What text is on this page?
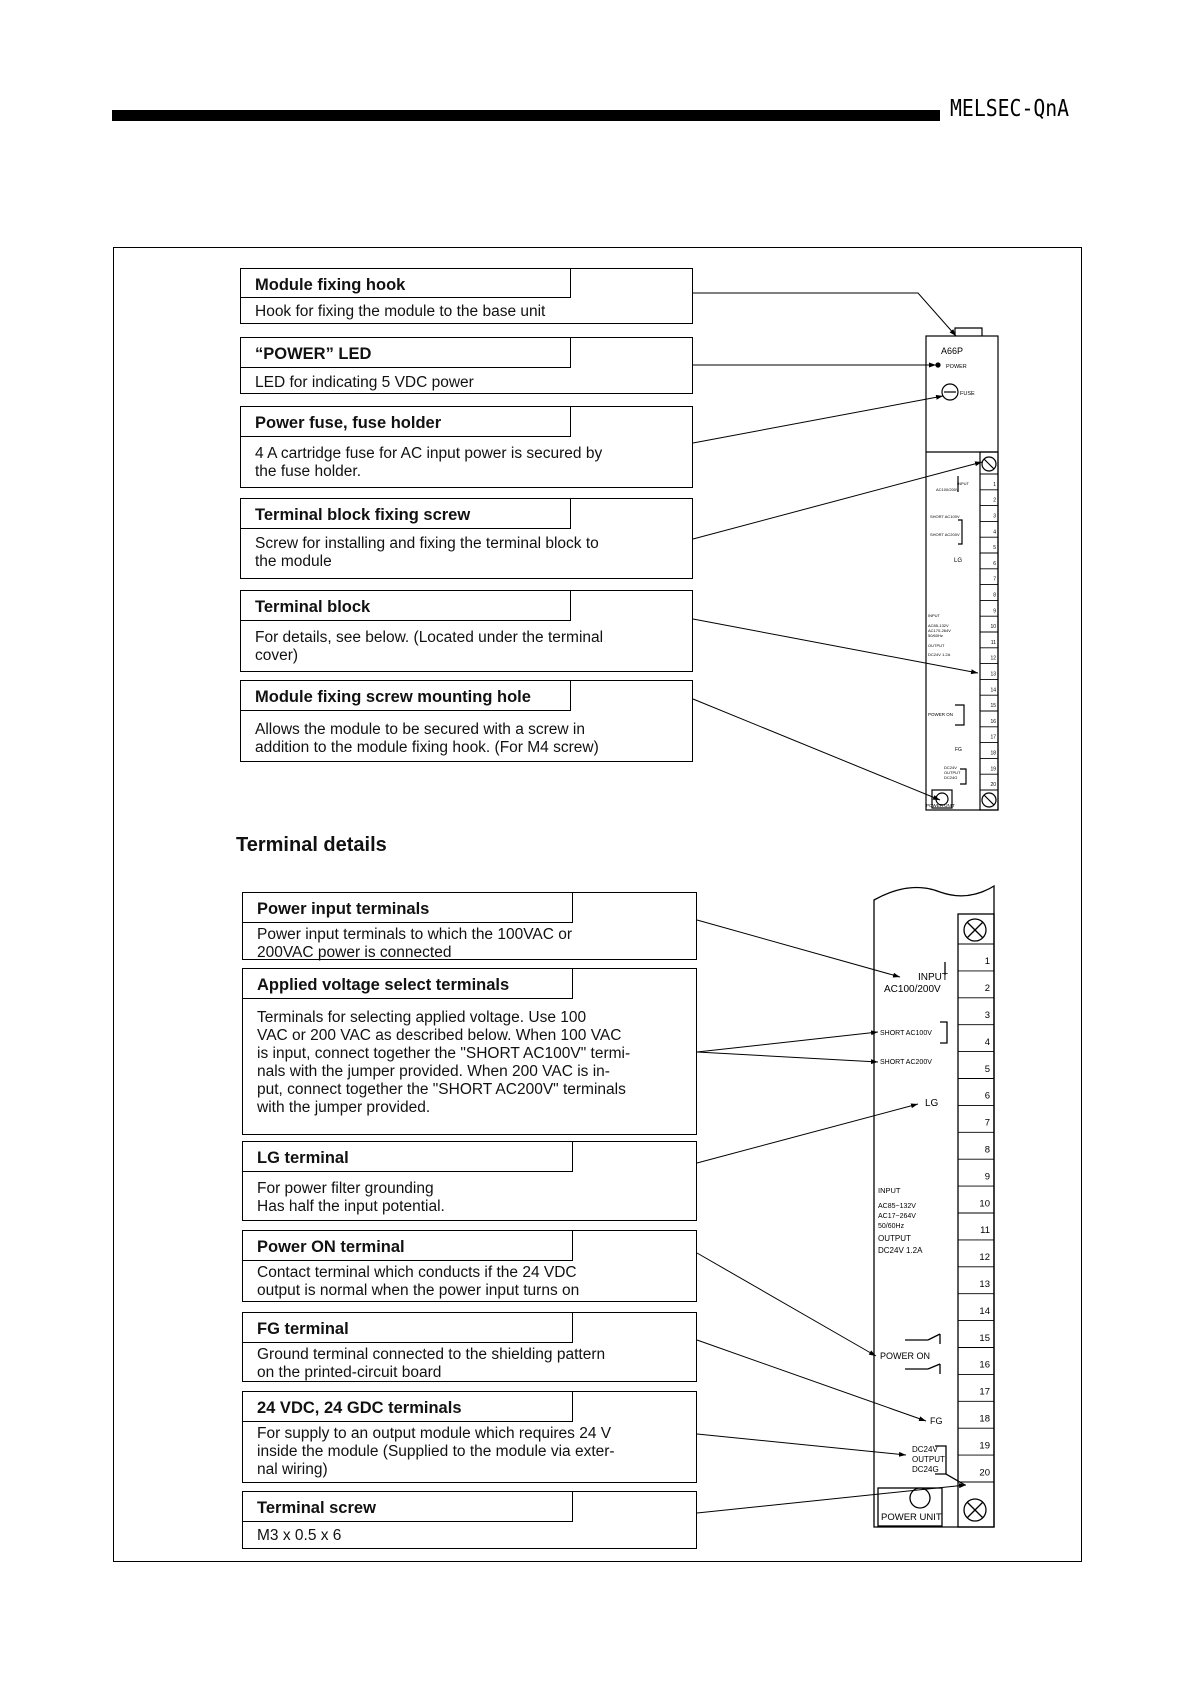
MELSEC-QnA
Module fixing hook
Hook for fixing the module to the base unit
“POWER” LED
LED for indicating 5 VDC power
Power fuse, fuse holder
4 A cartridge fuse for AC input power is secured by
the fuse holder.
Terminal block fixing screw
Screw for installing and fixing the terminal block to
the module
Terminal block
For details, see below. (Located under the terminal
cover)
Module fixing screw mounting hole
Allows the module to be secured with a screw in
addition to the module fixing hook. (For M4 screw)
Terminal details
Power input terminals
Power input terminals to which the 100VAC or
200VAC power is connected
Applied voltage select terminals
Terminals for selecting applied voltage. Use 100
VAC or 200 VAC as described below. When 100 VAC
is input, connect together the "SHORT AC100V" termi-
nals with the jumper provided. When 200 VAC is in-
put, connect together the "SHORT AC200V" terminals
with the jumper provided.
LG terminal
For power filter grounding
Has half the input potential.
Power ON terminal
Contact terminal which conducts if the 24 VDC
output is normal when the power input turns on
FG terminal
Ground terminal connected to the shielding pattern
on the printed-circuit board
24 VDC, 24 GDC terminals
For supply to an output module which requires 24 V
inside the module (Supplied to the module via exter-
nal wiring)
Terminal screw
M3 x 0.5 x 6
1
2
3
4
5
6
7
8
9
10
11
12
13
14
15
16
17
18
19
20
A66P
POWER
FUSE
INPUT
AC100/200V
SHORT AC100V
SHORT AC200V
LG
INPUT
AC85-132V
AC170-264V
50/60Hz
OUTPUT
DC24V 1.2A
POWER ON
FG
DC24V
OUTPUT
DC24G
POWER UNIT
1
2
3
4
5
6
7
8
9
10
11
12
13
14
15
16
17
18
19
20
INPUT
AC100/200V
SHORT AC100V
SHORT AC200V
LG
INPUT
AC85~132V
AC17~264V
50/60Hz
OUTPUT
DC24V 1.2A
POWER ON
FG
DC24V
OUTPUT
DC24G
POWER UNIT
